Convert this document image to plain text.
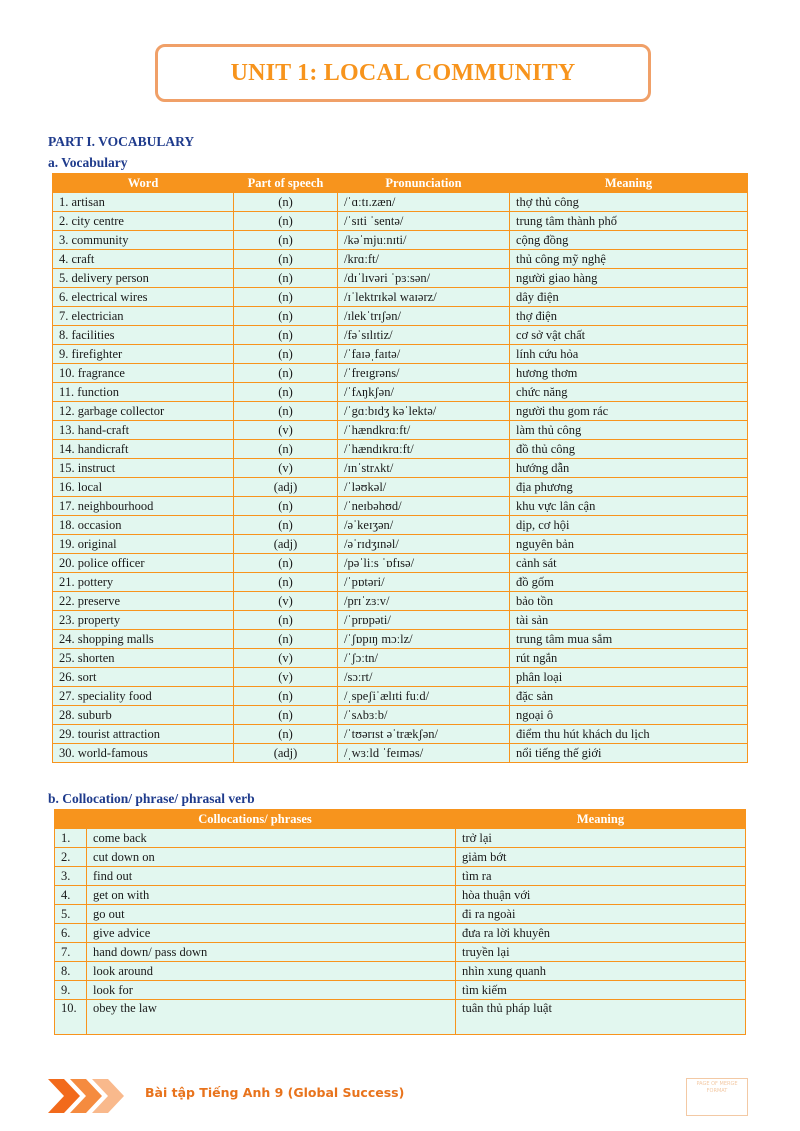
UNIT 1: LOCAL COMMUNITY
PART I. VOCABULARY
a. Vocabulary
Word	Part of speech	Pronunciation	Meaning
1. artisan	(n)	/ˈɑːtɪ.zæn/	thợ thủ công
2. city centre	(n)	/ˈsɪti ˈsentə/	trung tâm thành phố
3. community	(n)	/kəˈmjuːnɪti/	cộng đồng
4. craft	(n)	/krɑːft/	thủ công mỹ nghệ
5. delivery person	(n)	/dɪˈlɪvəri ˈpɜːsən/	người giao hàng
6. electrical wires	(n)	/ɪˈlektrɪkəl waɪərz/	dây điện
7. electrician	(n)	/ɪlekˈtrɪʃən/	thợ điện
8. facilities	(n)	/fəˈsɪlɪtiz/	cơ sở vật chất
9. firefighter	(n)	/ˈfaɪəˌfaɪtə/	lính cứu hỏa
10. fragrance	(n)	/ˈfreɪgrəns/	hương thơm
11. function	(n)	/ˈfʌŋkʃən/	chức năng
12. garbage collector	(n)	/ˈgɑːbɪdʒ kəˈlektə/	người thu gom rác
13. hand-craft	(v)	/ˈhændkrɑːft/	làm thủ công
14. handicraft	(n)	/ˈhændɪkrɑːft/	đồ thủ công
15. instruct	(v)	/ɪnˈstrʌkt/	hướng dẫn
16. local	(adj)	/ˈləʊkəl/	địa phương
17. neighbourhood	(n)	/ˈneɪbəhʊd/	khu vực lân cận
18. occasion	(n)	/əˈkeɪʒən/	dịp, cơ hội
19. original	(adj)	/əˈrɪdʒɪnəl/	nguyên bản
20. police officer	(n)	/pəˈliːs ˈɒfɪsə/	cảnh sát
21. pottery	(n)	/ˈpɒtəri/	đồ gốm
22. preserve	(v)	/prɪˈzɜːv/	bảo tồn
23. property	(n)	/ˈprɒpəti/	tài sản
24. shopping malls	(n)	/ˈʃɒpɪŋ mɔːlz/	trung tâm mua sắm
25. shorten	(v)	/ˈʃɔːtn/	rút ngắn
26. sort	(v)	/sɔːrt/	phân loại
27. speciality food	(n)	/ˌspeʃiˈælɪti fuːd/	đặc sản
28. suburb	(n)	/ˈsʌbɜːb/	ngoại ô
29. tourist attraction	(n)	/ˈtʊərɪst əˈtrækʃən/	điểm thu hút khách du lịch
30. world-famous	(adj)	/ˌwɜːld ˈfeɪməs/	nổi tiếng thế giới
b. Collocation/ phrase/ phrasal verb
Collocations/ phrases		Meaning
1.	come back	trở lại
2.	cut down on	giảm bớt
3.	find out	tìm ra
4.	get on with	hòa thuận với
5.	go out	đi ra ngoài
6.	give advice	đưa ra lời khuyên
7.	hand down/ pass down	truyền lại
8.	look around	nhìn xung quanh
9.	look for	tìm kiếm
10.	obey the law	tuân thủ pháp luật
Bài tập Tiếng Anh 9 (Global Success)
PAGE OF MERGE FORMAT
